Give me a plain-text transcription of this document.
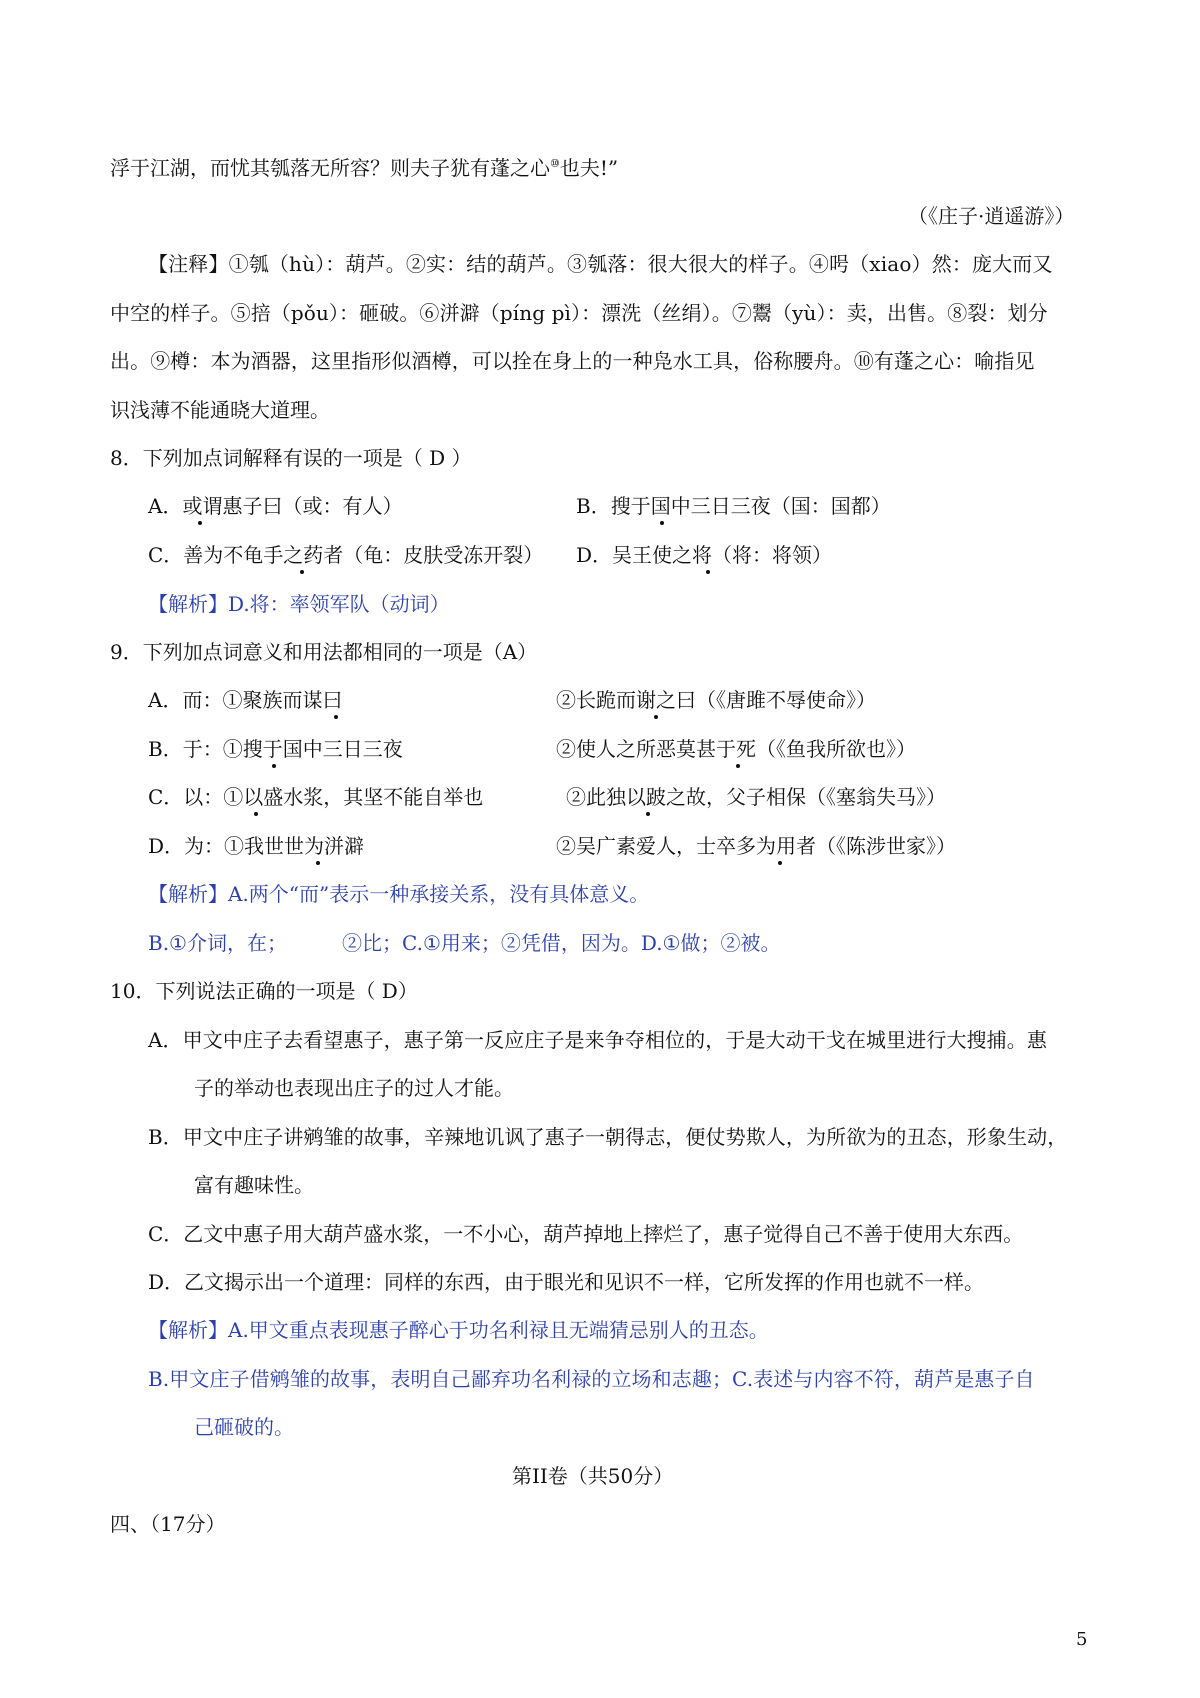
浮于江湖，而忧其瓠落无所容？则夫子犹有蓬之心⑩也夫!”
（《庄子·逍遥游》）
【注释】①瓠（hù）：葫芦。②实：结的葫芦。③瓠落：很大很大的样子。④呺（xiao）然：庞大而又
中空的样子。⑤掊（pǒu）：砸破。⑥洴澼（píng pì）：漂洗（丝绢）。⑦鬻（yù）：卖，出售。⑧裂：划分
出。⑨樽：本为酒器，这里指形似酒樽，可以拴在身上的一种凫水工具，俗称腰舟。⑩有蓬之心：喻指见
识浅薄不能通晓大道理。
8．下列加点词解释有误的一项是（ D ）
A．或谓惠子曰（或：有人）	B．搜于国中三日三夜（国：国都）
C．善为不龟手之药者（龟：皮肤受冻开裂） D．吴王使之将（将：将领）
【解析】D.将：率领军队（动词）
9．下列加点词意义和用法都相同的一项是（A）
A．而：①聚族而谋曰	②长跪而谢之曰（《唐雎不辱使命》）
B．于：①搜于国中三日三夜	②使人之所恶莫甚于死（《鱼我所欲也》）
C．以：①以盛水浆，其坚不能自举也	②此独以跛之故，父子相保（《塞翁失马》）
D．为：①我世世为洴澼	②吴广素爱人，士卒多为用者（《陈涉世家》）
【解析】A.两个“而”表示一种承接关系，没有具体意义。
B.①介词，在；	②比；C.①用来；②凭借，因为。D.①做；②被。
10．下列说法正确的一项是（ D）
A．甲文中庄子去看望惠子，惠子第一反应庄子是来争夺相位的，于是大动干戈在城里进行大搜捕。惠
子的举动也表现出庄子的过人才能。
B．甲文中庄子讲鹓雏的故事，辛辣地讥讽了惠子一朝得志，便仗势欺人，为所欲为的丑态，形象生动，
富有趣味性。
C．乙文中惠子用大葫芦盛水浆，一不小心，葫芦掉地上摔烂了，惠子觉得自己不善于使用大东西。
D．乙文揭示出一个道理：同样的东西，由于眼光和见识不一样，它所发挥的作用也就不一样。
【解析】A.甲文重点表现惠子醉心于功名利禄且无端猜忌别人的丑态。
B.甲文庄子借鹓雏的故事，表明自己鄙弃功名利禄的立场和志趣；C.表述与内容不符，葫芦是惠子自
己砸破的。
第II卷（共50分）
四、（17分）
5
